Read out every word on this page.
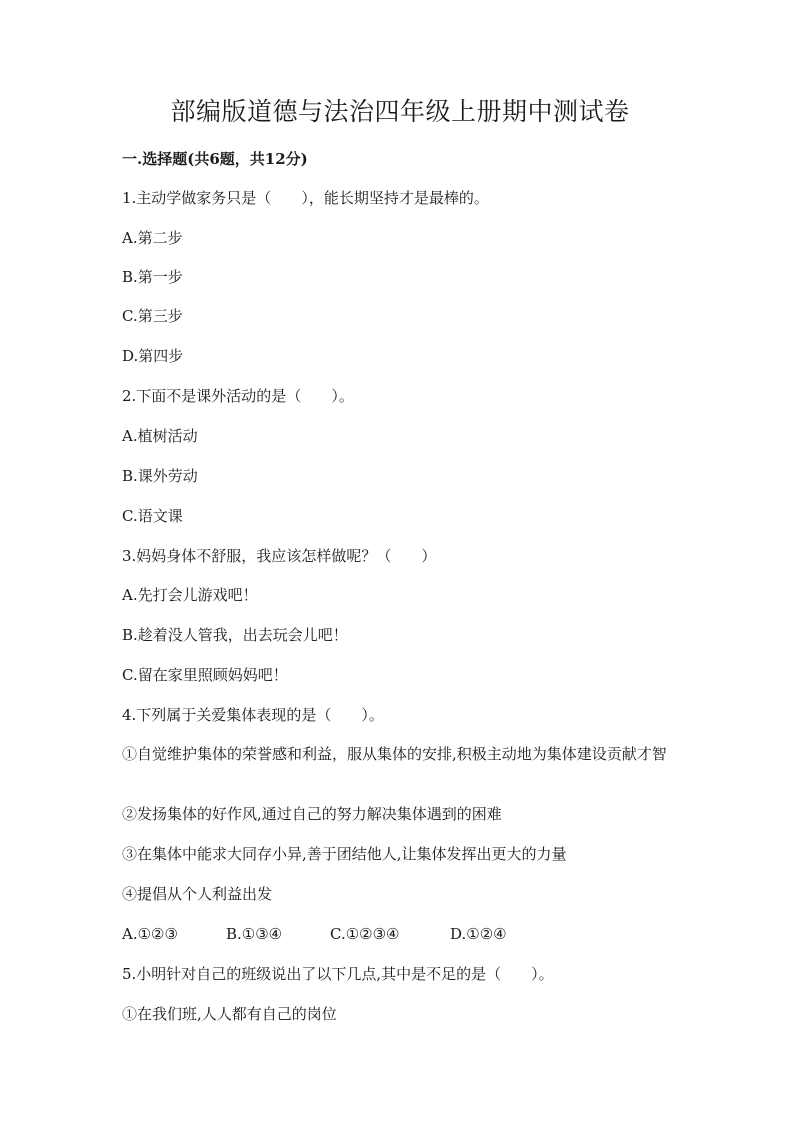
部编版道德与法治四年级上册期中测试卷

一.选择题(共6题，共12分)

1.主动学做家务只是（　　），能长期坚持才是最棒的。

A.第二步

B.第一步

C.第三步

D.第四步

2.下面不是课外活动的是（　　）。

A.植树活动

B.课外劳动

C.语文课

3.妈妈身体不舒服，我应该怎样做呢？（　　）

A.先打会儿游戏吧！

B.趁着没人管我，出去玩会儿吧！

C.留在家里照顾妈妈吧！

4.下列属于关爱集体表现的是（　　）。

①自觉维护集体的荣誉感和利益，服从集体的安排,积极主动地为集体建设贡献才智

②发扬集体的好作风,通过自己的努力解决集体遇到的困难

③在集体中能求大同存小异,善于团结他人,让集体发挥出更大的力量

④提倡从个人利益出发

A.①②③	B.①③④	C.①②③④	D.①②④

5.小明针对自己的班级说出了以下几点,其中是不足的是（　　）。

①在我们班,人人都有自己的岗位
